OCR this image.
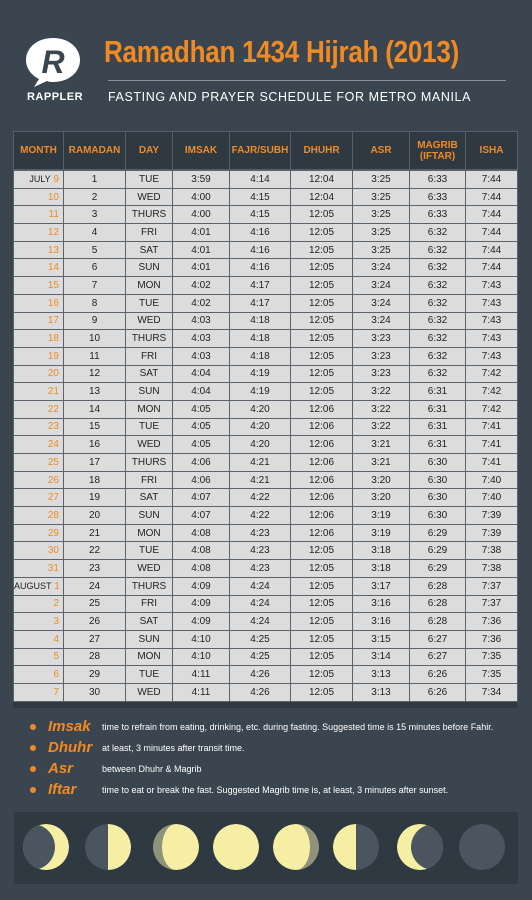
R
RAPPLER
Ramadhan 1434 Hijrah (2013)
FASTING AND PRAYER SCHEDULE FOR METRO MANILA
MONTH	RAMADAN	DAY	IMSAK	FAJR/SUBH	DHUHR	ASR	MAGRIB (IFTAR)	ISHA

JULY 9	1	TUE	3:59	4:14	12:04	3:25	6:33	7:44
10	2	WED	4:00	4:15	12:04	3:25	6:33	7:44
11	3	THURS	4:00	4:15	12:05	3:25	6:33	7:44
12	4	FRI	4:01	4:16	12:05	3:25	6:32	7:44
13	5	SAT	4:01	4:16	12:05	3:25	6:32	7:44
14	6	SUN	4:01	4:16	12:05	3:24	6:32	7:44
15	7	MON	4:02	4:17	12:05	3:24	6:32	7:43
16	8	TUE	4:02	4:17	12:05	3:24	6:32	7:43
17	9	WED	4:03	4:18	12:05	3:24	6:32	7:43
18	10	THURS	4:03	4:18	12:05	3:23	6:32	7:43
19	11	FRI	4:03	4:18	12:05	3:23	6:32	7:43
20	12	SAT	4:04	4:19	12:05	3:23	6:32	7:42
21	13	SUN	4:04	4:19	12:05	3:22	6:31	7:42
22	14	MON	4:05	4:20	12:06	3:22	6:31	7:42
23	15	TUE	4:05	4:20	12:06	3:22	6:31	7:41
24	16	WED	4:05	4:20	12:06	3:21	6:31	7:41
25	17	THURS	4:06	4:21	12:06	3:21	6:30	7:41
26	18	FRI	4:06	4:21	12:06	3:20	6:30	7:40
27	19	SAT	4:07	4:22	12:06	3:20	6:30	7:40
28	20	SUN	4:07	4:22	12:06	3:19	6:30	7:39
29	21	MON	4:08	4:23	12:06	3:19	6:29	7:39
30	22	TUE	4:08	4:23	12:05	3:18	6:29	7:38
31	23	WED	4:08	4:23	12:05	3:18	6:29	7:38
AUGUST 1	24	THURS	4:09	4:24	12:05	3:17	6:28	7:37
2	25	FRI	4:09	4:24	12:05	3:16	6:28	7:37
3	26	SAT	4:09	4:24	12:05	3:16	6:28	7:36
4	27	SUN	4:10	4:25	12:05	3:15	6:27	7:36
5	28	MON	4:10	4:25	12:05	3:14	6:27	7:35
6	29	TUE	4:11	4:26	12:05	3:13	6:26	7:35
7	30	WED	4:11	4:26	12:05	3:13	6:26	7:34
Imsak time to refrain from eating, drinking, etc. during fasting. Suggested time is 15 minutes before Fahir.
Dhuhr at least, 3 minutes after transit time.
Asr	between Dhuhr & Magrib
Iftar	time to eat or break the fast. Suggested Magrib time is, at least, 3 minutes after sunset.
